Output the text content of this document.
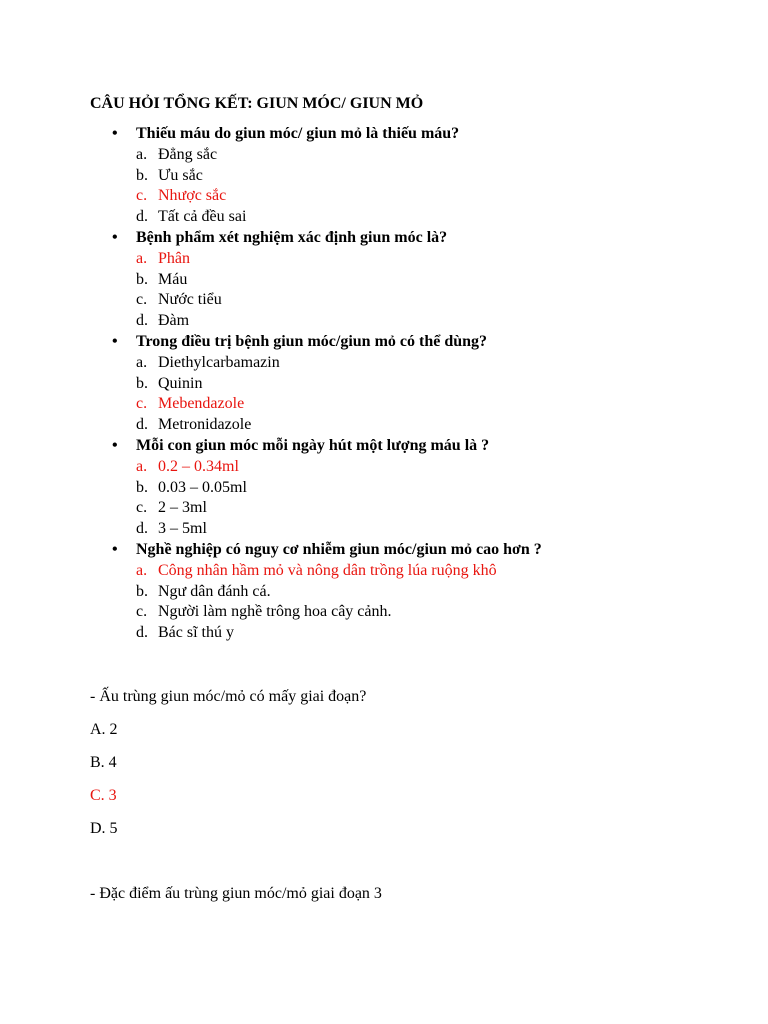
CÂU HỎI TỔNG KẾT: GIUN MÓC/ GIUN MỎ
• Thiếu máu do giun móc/ giun mỏ là thiếu máu?
a. Đẳng sắc
b. Ưu sắc
c. Nhược sắc
d. Tất cả đều sai
• Bệnh phẩm xét nghiệm xác định giun móc là?
a. Phân
b. Máu
c. Nước tiểu
d. Đàm
• Trong điều trị bệnh giun móc/giun mỏ có thể dùng?
a. Diethylcarbamazin
b. Quinin
c. Mebendazole
d. Metronidazole
• Mỗi con giun móc mỗi ngày hút một lượng máu là ?
a. 0.2 – 0.34ml
b. 0.03 – 0.05ml
c. 2 – 3ml
d. 3 – 5ml
• Nghề nghiệp có nguy cơ nhiễm giun móc/giun mỏ cao hơn ?
a. Công nhân hầm mỏ và nông dân trồng lúa ruộng khô
b. Ngư dân đánh cá.
c. Người làm nghề trông hoa cây cảnh.
d. Bác sĩ thú y
- Ấu trùng giun móc/mỏ có mấy giai đoạn?
A. 2
B. 4
C. 3
D. 5
- Đặc điểm ấu trùng giun móc/mỏ giai đoạn 3
